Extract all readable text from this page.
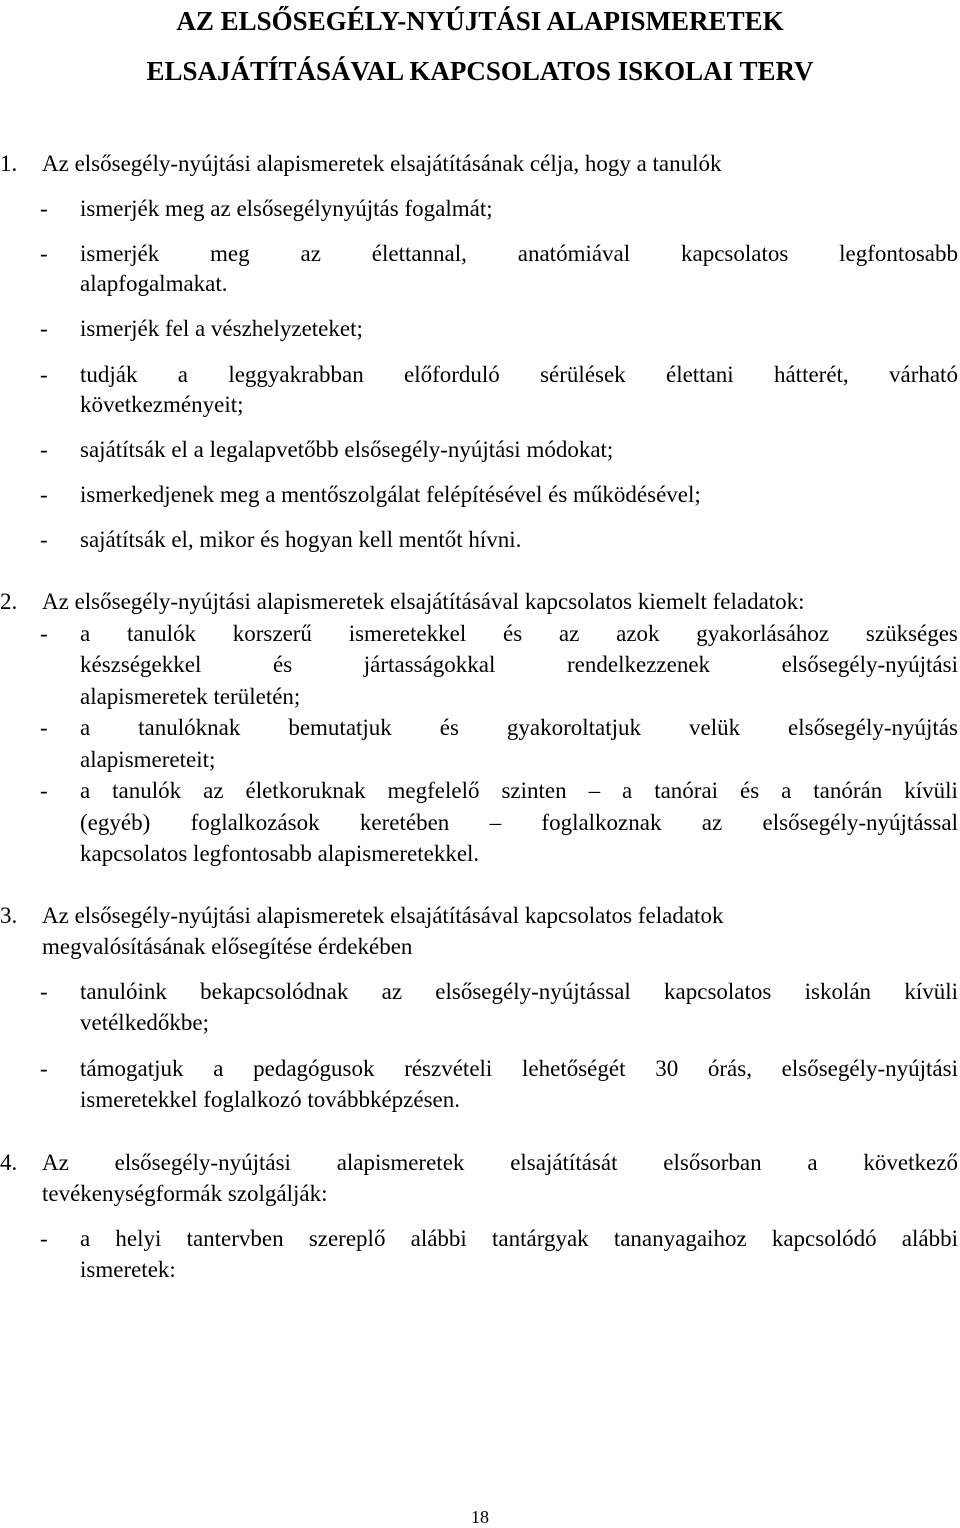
AZ ELSŐSEGÉLY-NYÚJTÁSI ALAPISMERETEK
ELSAJÁTÍTÁSÁVAL KAPCSOLATOS ISKOLAI TERV
1. Az elsősegély-nyújtási alapismeretek elsajátításának célja, hogy a tanulók
- ismerjék meg az elsősegélynyújtás fogalmát;
- ismerjék meg az élettannal, anatómiával kapcsolatos legfontosabb
alapfogalmakat.
- ismerjék fel a vészhelyzeteket;
- tudják a leggyakrabban előforduló sérülések élettani hátterét, várható
következményeit;
- sajátítsák el a legalapvetőbb elsősegély-nyújtási módokat;
- ismerkedjenek meg a mentőszolgálat felépítésével és működésével;
- sajátítsák el, mikor és hogyan kell mentőt hívni.
2. Az elsősegély-nyújtási alapismeretek elsajátításával kapcsolatos kiemelt feladatok:
- a tanulók korszerű ismeretekkel és az azok gyakorlásához szükséges
készségekkel	és	jártasságokkal	rendelkezzenek	elsősegély-nyújtási
alapismeretek területén;
- a tanulóknak bemutatjuk és gyakoroltatjuk velük elsősegély-nyújtás
alapismereteit;
- a tanulók az életkoruknak megfelelő szinten – a tanórai és a tanórán kívüli
(egyéb) foglalkozások keretében – foglalkoznak az elsősegély-nyújtással
kapcsolatos legfontosabb alapismeretekkel.
3. Az elsősegély-nyújtási alapismeretek elsajátításával kapcsolatos feladatok
megvalósításának elősegítése érdekében
- tanulóink bekapcsolódnak az elsősegély-nyújtással kapcsolatos iskolán kívüli
vetélkedőkbe;
- támogatjuk a pedagógusok részvételi lehetőségét 30 órás, elsősegély-nyújtási
ismeretekkel foglalkozó továbbképzésen.
4. Az elsősegély-nyújtási alapismeretek elsajátítását elsősorban a következő
tevékenységformák szolgálják:
- a helyi tantervben szereplő alábbi tantárgyak tananyagaihoz kapcsolódó alábbi
ismeretek:
18
